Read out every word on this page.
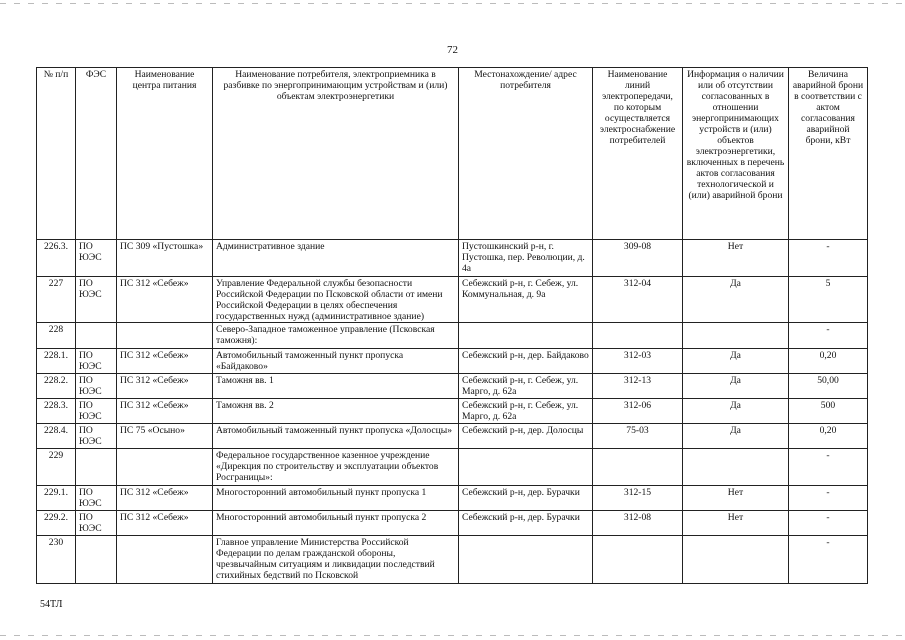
72
№ п/п	ФЭС	Наименование центра питания	Наименование потребителя, электроприемника в разбивке по энергопринимающим устройствам и (или) объектам электроэнергетики	Местонахождение/ адрес потребителя	Наименование линий электропередачи, по которым осуществляется электроснабжение потребителей	Информация о наличии или об отсутствии согласованных в отношении энергопринимающих устройств и (или) объектов электроэнергетики, включенных в перечень актов согласования технологической и (или) аварийной брони	Величина аварийной брони в соответствии с актом согласования аварийной брони, кВт
226.3.	ПО ЮЭС	ПС 309 «Пустошка»	Административное здание	Пустошкинский р-н, г. Пустошка, пер. Революции, д. 4а	309-08	Нет	-
227	ПО ЮЭС	ПС 312 «Себеж»	Управление Федеральной службы безопасности Российской Федерации по Псковской области от имени Российской Федерации в целях обеспечения государственных нужд (административное здание)	Себежский р-н, г. Себеж, ул. Коммунальная, д. 9а	312-04	Да	5
228			Северо-Западное таможенное управление (Псковская таможня):				-
228.1.	ПО ЮЭС	ПС 312 «Себеж»	Автомобильный таможенный пункт пропуска «Байдаково»	Себежский р-н, дер. Байдаково	312-03	Да	0,20
228.2.	ПО ЮЭС	ПС 312 «Себеж»	Таможня вв. 1	Себежский р-н, г. Себеж, ул. Марго, д. 62а	312-13	Да	50,00
228.3.	ПО ЮЭС	ПС 312 «Себеж»	Таможня вв. 2	Себежский р-н, г. Себеж, ул. Марго, д. 62а	312-06	Да	500
228.4.	ПО ЮЭС	ПС 75 «Осыно»	Автомобильный таможенный пункт пропуска «Долосцы»	Себежский р-н, дер. Долосцы	75-03	Да	0,20
229			Федеральное государственное казенное учреждение «Дирекция по строительству и эксплуатации объектов Росграницы»:				-
229.1.	ПО ЮЭС	ПС 312 «Себеж»	Многосторонний автомобильный пункт пропуска 1	Себежский р-н, дер. Бурачки	312-15	Нет	-
229.2.	ПО ЮЭС	ПС 312 «Себеж»	Многосторонний автомобильный пункт пропуска 2	Себежский р-н, дер. Бурачки	312-08	Нет	-
230			Главное управление Министерства Российской Федерации по делам гражданской обороны, чрезвычайным ситуациям и ликвидации последствий стихийных бедствий по Псковской				-
54ТЛ
